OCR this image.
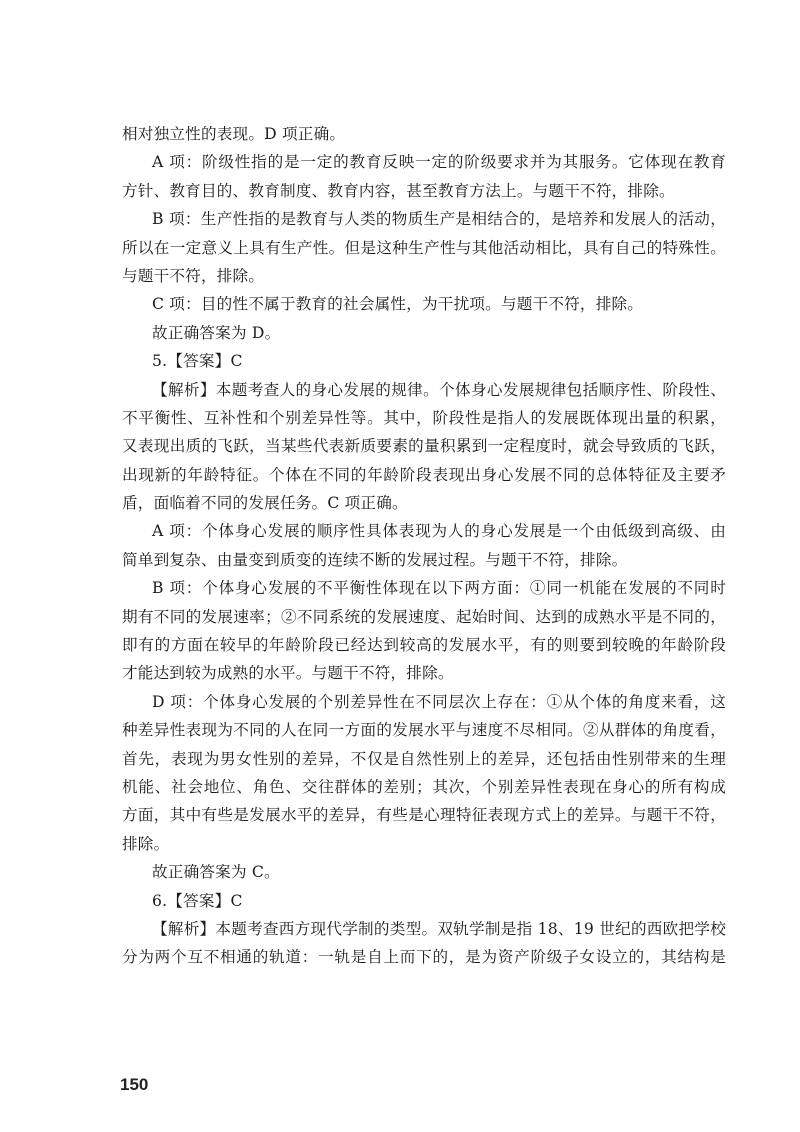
相对独立性的表现。D 项正确。
A 项：阶级性指的是一定的教育反映一定的阶级要求并为其服务。它体现在教育
方针、教育目的、教育制度、教育内容，甚至教育方法上。与题干不符，排除。
B 项：生产性指的是教育与人类的物质生产是相结合的，是培养和发展人的活动，
所以在一定意义上具有生产性。但是这种生产性与其他活动相比，具有自己的特殊性。
与题干不符，排除。
C 项：目的性不属于教育的社会属性，为干扰项。与题干不符，排除。
故正确答案为 D。
5.【答案】C
【解析】本题考查人的身心发展的规律。个体身心发展规律包括顺序性、阶段性、
不平衡性、互补性和个别差异性等。其中，阶段性是指人的发展既体现出量的积累，
又表现出质的飞跃，当某些代表新质要素的量积累到一定程度时，就会导致质的飞跃，
出现新的年龄特征。个体在不同的年龄阶段表现出身心发展不同的总体特征及主要矛
盾，面临着不同的发展任务。C 项正确。
A 项：个体身心发展的顺序性具体表现为人的身心发展是一个由低级到高级、由
简单到复杂、由量变到质变的连续不断的发展过程。与题干不符，排除。
B 项：个体身心发展的不平衡性体现在以下两方面：①同一机能在发展的不同时
期有不同的发展速率；②不同系统的发展速度、起始时间、达到的成熟水平是不同的，
即有的方面在较早的年龄阶段已经达到较高的发展水平，有的则要到较晚的年龄阶段
才能达到较为成熟的水平。与题干不符，排除。
D 项：个体身心发展的个别差异性在不同层次上存在：①从个体的角度来看，这
种差异性表现为不同的人在同一方面的发展水平与速度不尽相同。②从群体的角度看，
首先，表现为男女性别的差异，不仅是自然性别上的差异，还包括由性别带来的生理
机能、社会地位、角色、交往群体的差别；其次，个别差异性表现在身心的所有构成
方面，其中有些是发展水平的差异，有些是心理特征表现方式上的差异。与题干不符，
排除。
故正确答案为 C。
6.【答案】C
【解析】本题考查西方现代学制的类型。双轨学制是指 18、19 世纪的西欧把学校
分为两个互不相通的轨道：一轨是自上而下的，是为资产阶级子女设立的，其结构是
150
